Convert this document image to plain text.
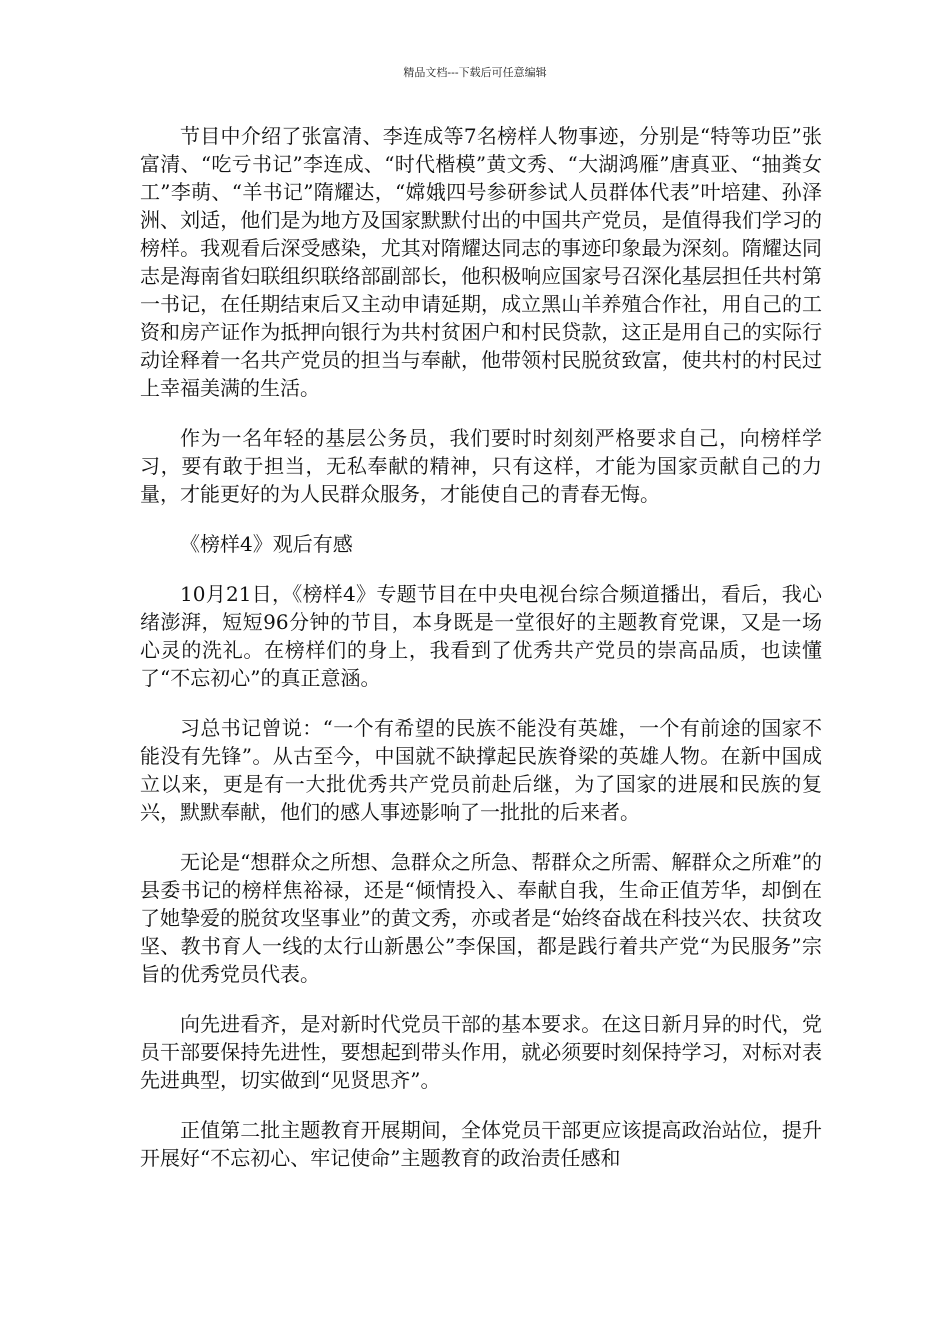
精品文档---下载后可任意编辑

节目中介绍了张富清、李连成等7名榜样人物事迹，分别是“特等功臣”张富清、“吃亏书记”李连成、“时代楷模”黄文秀、“大湖鸿雁”唐真亚、“抽粪女工”李萌、“羊书记”隋耀达，“嫦娥四号参研参试人员群体代表”叶培建、孙泽洲、刘适，他们是为地方及国家默默付出的中国共产党员，是值得我们学习的榜样。我观看后深受感染，尤其对隋耀达同志的事迹印象最为深刻。隋耀达同志是海南省妇联组织联络部副部长，他积极响应国家号召深化基层担任共村第一书记，在任期结束后又主动申请延期，成立黑山羊养殖合作社，用自己的工资和房产证作为抵押向银行为共村贫困户和村民贷款，这正是用自己的实际行动诠释着一名共产党员的担当与奉献，他带领村民脱贫致富，使共村的村民过上幸福美满的生活。

作为一名年轻的基层公务员，我们要时时刻刻严格要求自己，向榜样学习，要有敢于担当，无私奉献的精神，只有这样，才能为国家贡献自己的力量，才能更好的为人民群众服务，才能使自己的青春无悔。

《榜样4》观后有感

10月21日，《榜样4》专题节目在中央电视台综合频道播出，看后，我心绪澎湃，短短96分钟的节目，本身既是一堂很好的主题教育党课，又是一场心灵的洗礼。在榜样们的身上，我看到了优秀共产党员的崇高品质，也读懂了“不忘初心”的真正意涵。

习总书记曾说：“一个有希望的民族不能没有英雄，一个有前途的国家不能没有先锋”。从古至今，中国就不缺撑起民族脊梁的英雄人物。在新中国成立以来，更是有一大批优秀共产党员前赴后继，为了国家的进展和民族的复兴，默默奉献，他们的感人事迹影响了一批批的后来者。

无论是“想群众之所想、急群众之所急、帮群众之所需、解群众之所难”的县委书记的榜样焦裕禄，还是“倾情投入、奉献自我，生命正值芳华，却倒在了她挚爱的脱贫攻坚事业”的黄文秀，亦或者是“始终奋战在科技兴农、扶贫攻坚、教书育人一线的太行山新愚公”李保国，都是践行着共产党“为民服务”宗旨的优秀党员代表。

向先进看齐，是对新时代党员干部的基本要求。在这日新月异的时代，党员干部要保持先进性，要想起到带头作用，就必须要时刻保持学习，对标对表先进典型，切实做到“见贤思齐”。

正值第二批主题教育开展期间，全体党员干部更应该提高政治站位，提升开展好“不忘初心、牢记使命”主题教育的政治责任感和
